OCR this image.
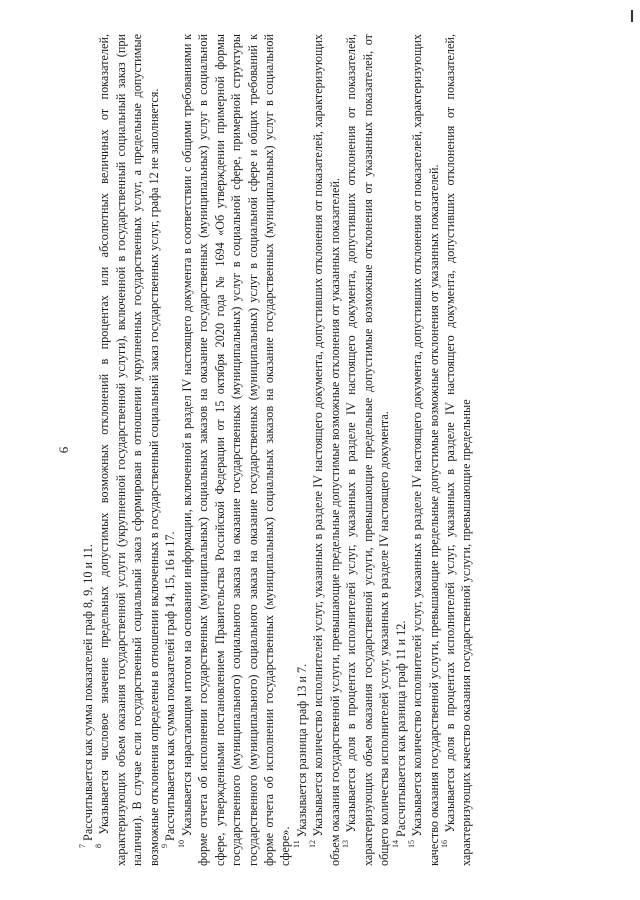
6

$^7$ Рассчитывается как сумма показателей граф 8, 9, 10 и 11.

$^8$ Указывается числовое значение предельных допустимых возможных отклонений в процентах или абсолютных величинах от показателей, характеризующих объем оказания государственной услуги (укрупненной государственной услуги), включенной в государственный социальный заказ (при наличии). В случае если государственный социальный заказ сформирован в отношении укрупненных государственных услуг, а предельные допустимые возможные отклонения определены в отношении включенных в государственный социальный заказ государственных услуг, графа 12 не заполняется. $^9$ Рассчитывается как сумма показателей граф 14, 15, 16 и 17.

$^{10}$ Указывается нарастающим итогом на основании информации, включенной в раздел IV настоящего документа в соответствии с общими требованиями к форме отчета об исполнении государственных (муниципальных) социальных заказов на оказание государственных (муниципальных) услуг в социальной сфере, утвержденными постановлением Правительства Российской Федерации от 15 октября 2020 года № 1694 «Об утверждении примерной формы государственного (муниципального) социального заказа на оказание государственных (муниципальных) услуг в социальной сфере, примерной структуры государственного (муниципального) социального заказа на оказание государственных (муниципальных) услуг в социальной сфере и общих требований к форме отчета об исполнении государственных (муниципальных) социальных заказов на оказание государственных (муниципальных) услуг в социальной сфере». $^{11}$ Указывается разница граф 13 и 7.

$^{12}$ Указывается количество исполнителей услуг, указанных в разделе IV настоящего документа, допустивших отклонения от показателей, характеризующих объем оказания государственной услуги, превышающие предельные допустимые возможные отклонения от указанных показателей. $^{13}$ Указывается доля в процентах исполнителей услуг, указанных в разделе IV настоящего документа, допустивших отклонения от показателей, характеризующих объем оказания государственной услуги, превышающие предельные допустимые возможные отклонения от указанных показателей, от общего количества исполнителей услуг, указанных в разделе IV настоящего документа. $^{14}$ Рассчитывается как разница граф 11 и 12.

$^{15}$ Указывается количество исполнителей услуг, указанных в разделе IV настоящего документа, допустивших отклонения от показателей, характеризующих качество оказания государственной услуги, превышающие предельные допустимые возможные отклонения от указанных показателей. $^{16}$ Указывается доля в процентах исполнителей услуг, указанных в разделе IV настоящего документа, допустивших отклонения от показателей, характеризующих качество оказания государственной услуги, превышающие предельные
